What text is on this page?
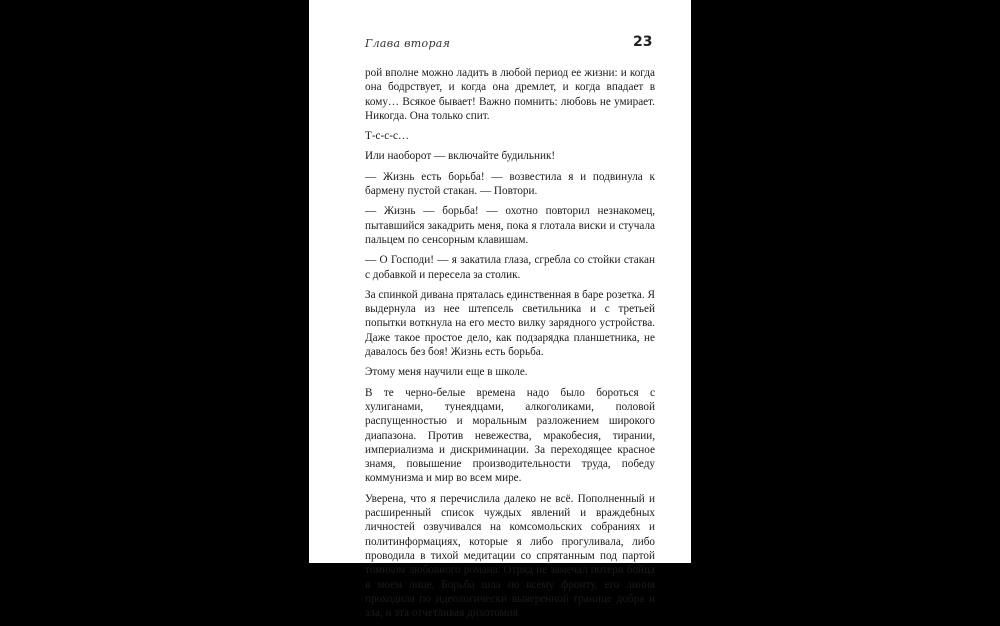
Глава вторая	23

рой вполне можно ладить в любой период ее жизни: и когда она бодрствует, и когда она дремлет, и когда впадает в кому… Всякое бывает! Важно помнить: любовь не умирает. Никогда. Она только спит.

Т-с-с-с…

Или наоборот — включайте будильник!

— Жизнь есть борьба! — возвестила я и подвинула к бармену пустой стакан. — Повтори.

— Жизнь — борьба! — охотно повторил незнакомец, пытавшийся закадрить меня, пока я глотала виски и стучала пальцем по сенсорным клавишам.

— О Господи! — я закатила глаза, сгребла со стойки стакан с добавкой и пересела за столик.

За спинкой дивана пряталась единственная в баре розетка. Я выдернула из нее штепсель светильника и с третьей попытки воткнула на его место вилку зарядного устройства. Даже такое простое дело, как подзарядка планшетника, не давалось без боя! Жизнь есть борьба.

Этому меня научили еще в школе.

В те черно-белые времена надо было бороться с хулиганами, тунеядцами, алкоголиками, половой распущенностью и моральным разложением широкого диапазона. Против невежества, мракобесия, тирании, империализма и дискриминации. За переходящее красное знамя, повышение производительности труда, победу коммунизма и мир во всем мире.

Уверена, что я перечислила далеко не всё. Пополненный и расширенный список чуждых явлений и враждебных личностей озвучивался на комсомольских собраниях и политинформациях, которые я либо прогуливала, либо проводила в тихой медитации со спрятанным под партой томиком любовного романа. Отряд не замечал потери бойца в моем лице. Борьба шла по всему фронту, его линия проходила по идеологически выверенной границе добра и зла, и эта отчетливая дихотомия
